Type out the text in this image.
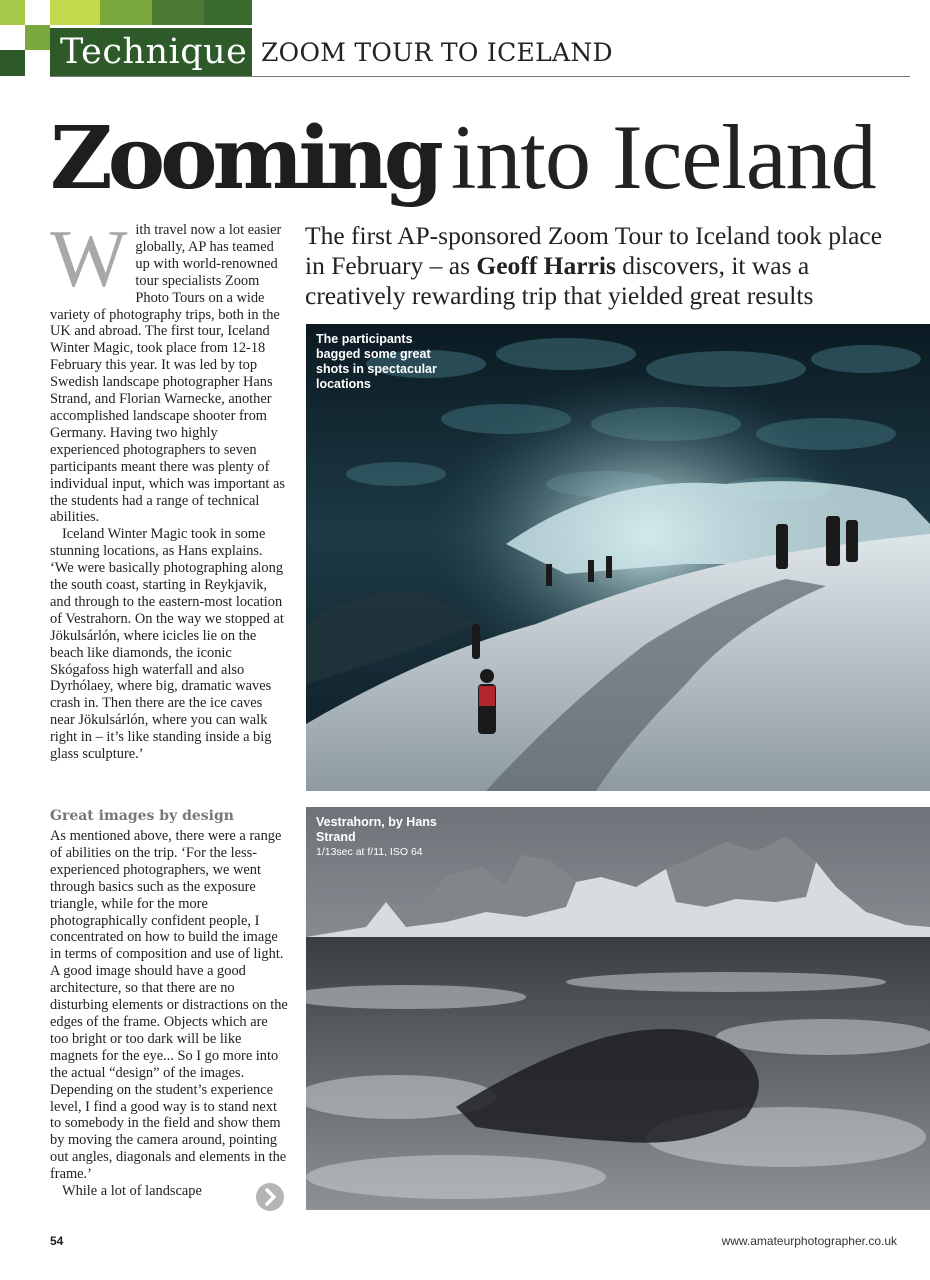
Technique ZOOM TOUR TO ICELAND
Zooming into Iceland
The first AP-sponsored Zoom Tour to Iceland took place in February – as Geoff Harris discovers, it was a creatively rewarding trip that yielded great results
W ith travel now a lot easier globally, AP has teamed up with world-renowned tour specialists Zoom Photo Tours on a wide variety of photography trips, both in the UK and abroad. The first tour, Iceland Winter Magic, took place from 12-18 February this year. It was led by top Swedish landscape photographer Hans Strand, and Florian Warnecke, another accomplished landscape shooter from Germany. Having two highly experienced photographers to seven participants meant there was plenty of individual input, which was important as the students had a range of technical abilities.

Iceland Winter Magic took in some stunning locations, as Hans explains. ‘We were basically photographing along the south coast, starting in Reykjavik, and through to the eastern-most location of Vestrahorn. On the way we stopped at Jökulsárlón, where icicles lie on the beach like diamonds, the iconic Skógafoss high waterfall and also Dyrhólaey, where big, dramatic waves crash in. Then there are the ice caves near Jökulsárlón, where you can walk right in – it’s like standing inside a big glass sculpture.’

Great images by design

As mentioned above, there were a range of abilities on the trip. ‘For the less-experienced photographers, we went through basics such as the exposure triangle, while for the more photographically confident people, I concentrated on how to build the image in terms of composition and use of light. A good image should have a good architecture, so that there are no disturbing elements or distractions on the edges of the frame. Objects which are too bright or too dark will be like magnets for the eye... So I go more into the actual “design” of the images. Depending on the student’s experience level, I find a good way is to stand next to somebody in the field and show them by moving the camera around, pointing out angles, diagonals and elements in the frame.’

While a lot of landscape

The participants bagged some great shots in spectacular locations
Vestrahorn, by Hans Strand
1/13sec at f/11, ISO 64
54	www.amateurphotographer.co.uk
